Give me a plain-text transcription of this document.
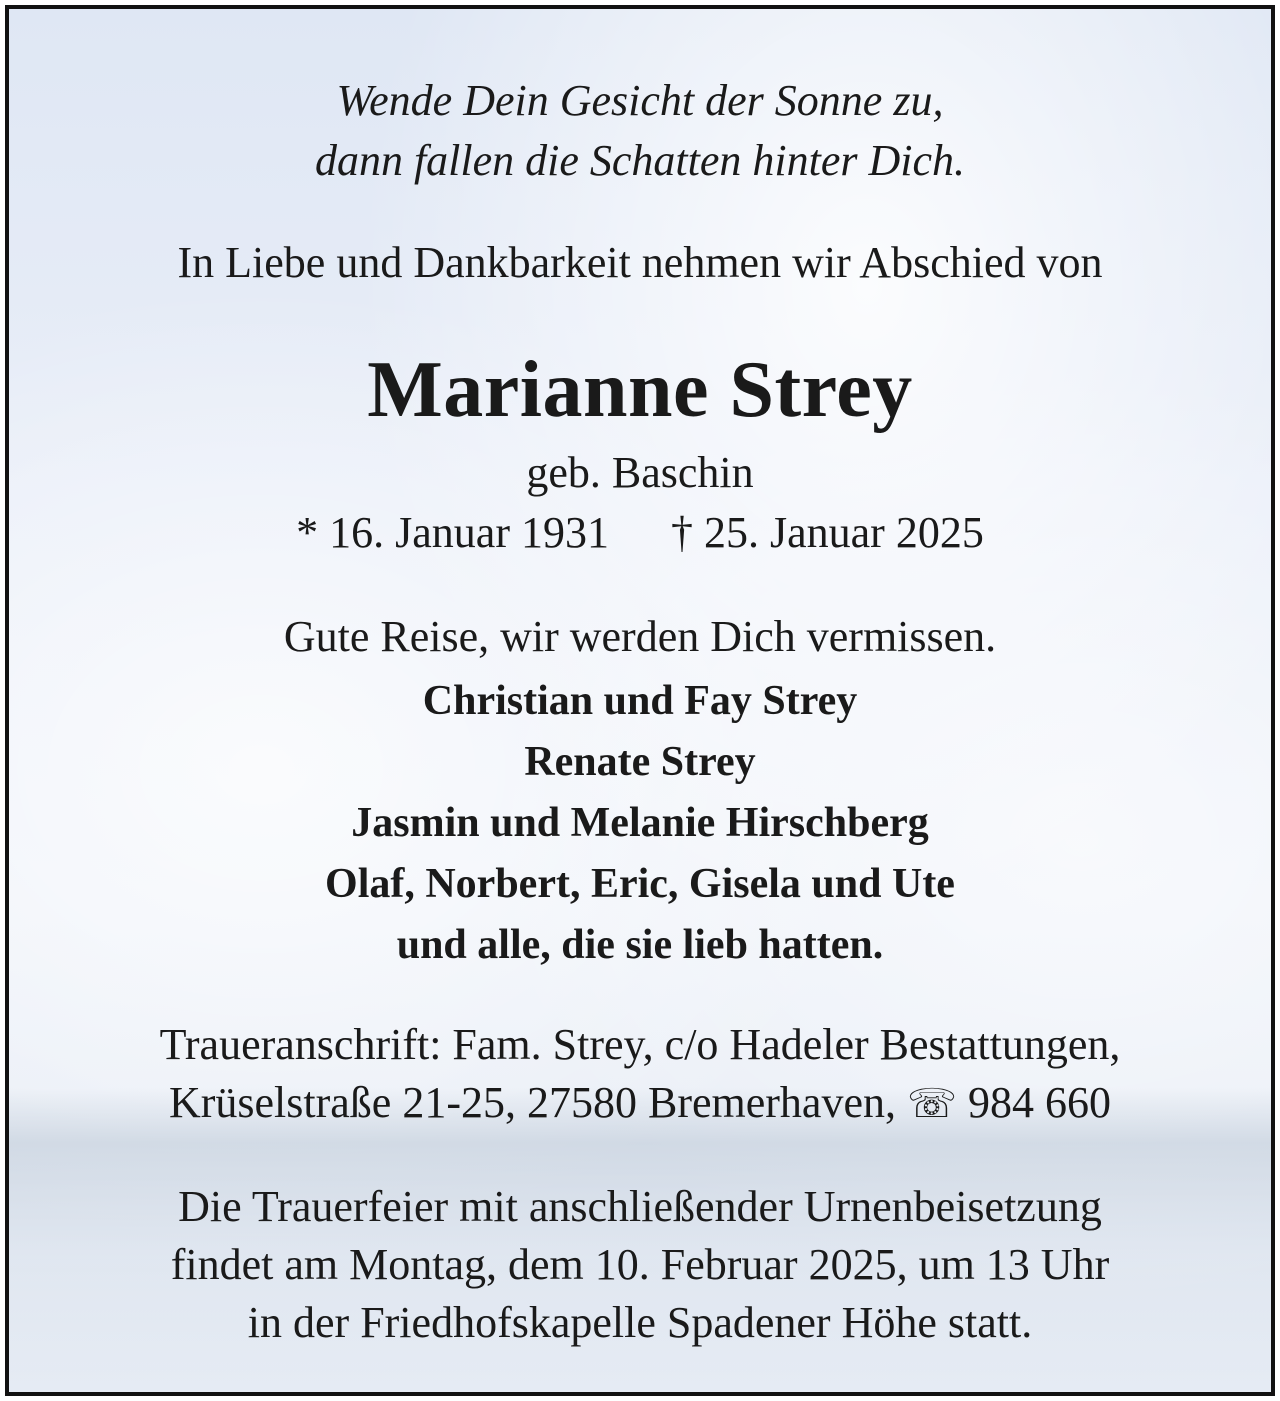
Wende Dein Gesicht der Sonne zu,
dann fallen die Schatten hinter Dich.
In Liebe und Dankbarkeit nehmen wir Abschied von
Marianne Strey
geb. Baschin
* 16. Januar 1931 † 25. Januar 2025
Gute Reise, wir werden Dich vermissen.
Christian und Fay Strey
Renate Strey
Jasmin und Melanie Hirschberg
Olaf, Norbert, Eric, Gisela und Ute
und alle, die sie lieb hatten.
Traueranschrift: Fam. Strey, c/o Hadeler Bestattungen,
Krüselstraße 21-25, 27580 Bremerhaven, ☏ 984 660
Die Trauerfeier mit anschließender Urnenbeisetzung
findet am Montag, dem 10. Februar 2025, um 13 Uhr
in der Friedhofskapelle Spadener Höhe statt.
